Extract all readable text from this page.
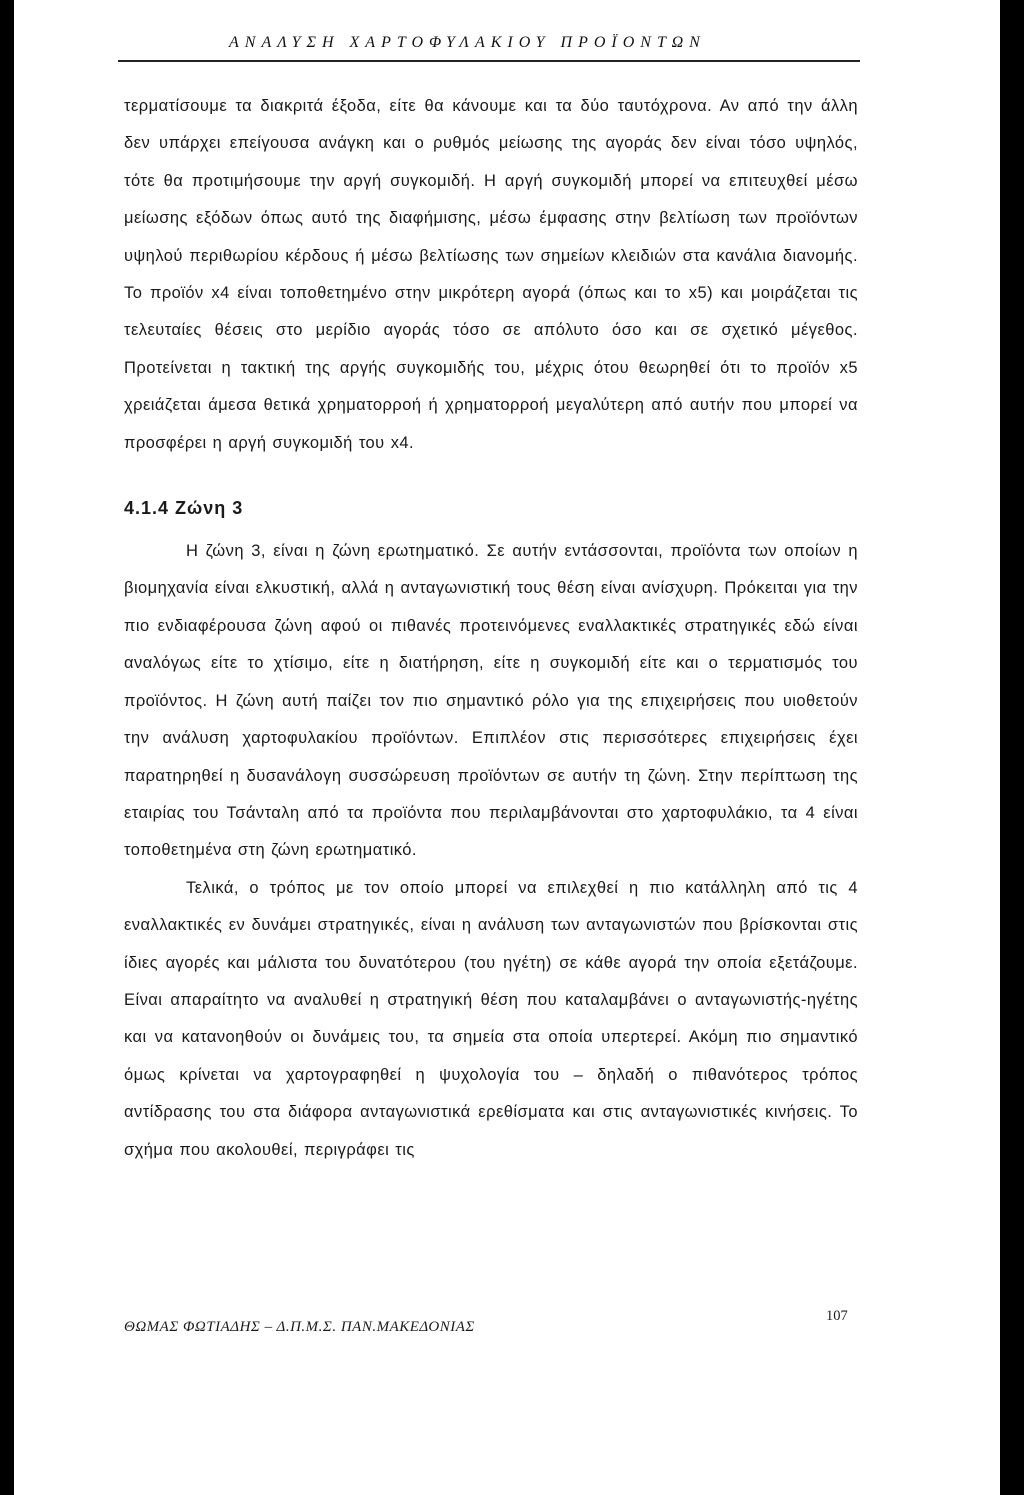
ΑΝΑΛΥΣΗ ΧΑΡΤΟΦΥΛΑΚΙΟΥ ΠΡΟΪΟΝΤΩΝ

τερματίσουμε τα διακριτά έξοδα, είτε θα κάνουμε και τα δύο ταυτόχρονα. Αν από την άλλη δεν υπάρχει επείγουσα ανάγκη και ο ρυθμός μείωσης της αγοράς δεν είναι τόσο υψηλός, τότε θα προτιμήσουμε την αργή συγκομιδή. Η αργή συγκομιδή μπορεί να επιτευχθεί μέσω μείωσης εξόδων όπως αυτό της διαφήμισης, μέσω έμφασης στην βελτίωση των προϊόντων υψηλού περιθωρίου κέρδους ή μέσω βελτίωσης των σημείων κλειδιών στα κανάλια διανομής. Το προϊόν x4 είναι τοποθετημένο στην μικρότερη αγορά (όπως και το x5) και μοιράζεται τις τελευταίες θέσεις στο μερίδιο αγοράς τόσο σε απόλυτο όσο και σε σχετικό μέγεθος. Προτείνεται η τακτική της αργής συγκομιδής του, μέχρις ότου θεωρηθεί ότι το προϊόν x5 χρειάζεται άμεσα θετικά χρηματορροή ή χρηματορροή μεγαλύτερη από αυτήν που μπορεί να προσφέρει η αργή συγκομιδή του x4.

4.1.4 Ζώνη 3

Η ζώνη 3, είναι η ζώνη ερωτηματικό. Σε αυτήν εντάσσονται, προϊόντα των οποίων η βιομηχανία είναι ελκυστική, αλλά η ανταγωνιστική τους θέση είναι ανίσχυρη. Πρόκειται για την πιο ενδιαφέρουσα ζώνη αφού οι πιθανές προτεινόμενες εναλλακτικές στρατηγικές εδώ είναι αναλόγως είτε το χτίσιμο, είτε η διατήρηση, είτε η συγκομιδή είτε και ο τερματισμός του προϊόντος. Η ζώνη αυτή παίζει τον πιο σημαντικό ρόλο για της επιχειρήσεις που υιοθετούν την ανάλυση χαρτοφυλακίου προϊόντων. Επιπλέον στις περισσότερες επιχειρήσεις έχει παρατηρηθεί η δυσανάλογη συσσώρευση προϊόντων σε αυτήν τη ζώνη. Στην περίπτωση της εταιρίας του Τσάνταλη από τα προϊόντα που περιλαμβάνονται στο χαρτοφυλάκιο, τα 4 είναι τοποθετημένα στη ζώνη ερωτηματικό.

Τελικά, ο τρόπος με τον οποίο μπορεί να επιλεχθεί η πιο κατάλληλη από τις 4 εναλλακτικές εν δυνάμει στρατηγικές, είναι η ανάλυση των ανταγωνιστών που βρίσκονται στις ίδιες αγορές και μάλιστα του δυνατότερου (του ηγέτη) σε κάθε αγορά την οποία εξετάζουμε. Είναι απαραίτητο να αναλυθεί η στρατηγική θέση που καταλαμβάνει ο ανταγωνιστής-ηγέτης και να κατανοηθούν οι δυνάμεις του, τα σημεία στα οποία υπερτερεί. Ακόμη πιο σημαντικό όμως κρίνεται να χαρτογραφηθεί η ψυχολογία του – δηλαδή ο πιθανότερος τρόπος αντίδρασης του στα διάφορα ανταγωνιστικά ερεθίσματα και στις ανταγωνιστικές κινήσεις. Το σχήμα που ακολουθεί, περιγράφει τις

ΘΩΜΑΣ ΦΩΤΙΑΔΗΣ – Δ.Π.Μ.Σ. ΠΑΝ.ΜΑΚΕΔΟΝΙΑΣ
107
